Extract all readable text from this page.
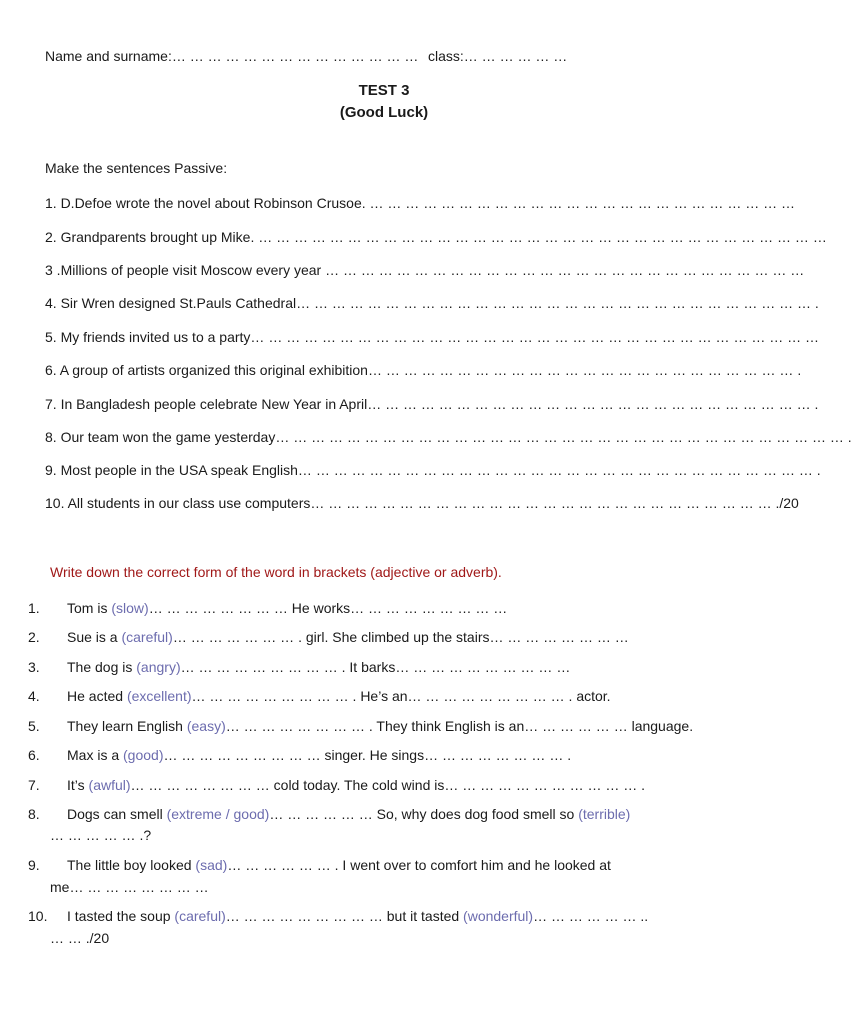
Name and surname:… … … … … … … … … … … … … … class:… … … … … …
TEST 3
(Good Luck)
Make the sentences Passive:
1. D.Defoe wrote the novel about Robinson Crusoe. … … … … … … … … … … … … … … … … … … … … … … … …
2. Grandparents brought up Mike. … … … … … … … … … … … … … … … … … … … … … … … … … … … … … … … …
3 .Millions of people visit Moscow every year … … … … … … … … … … … … … … … … … … … … … … … … … … …
4. Sir Wren designed St.Pauls Cathedral… … … … … … … … … … … … … … … … … … … … … … … … … … … … … .
5. My friends invited us to a party… … … … … … … … … … … … … … … … … … … … … … … … … … … … … … … …
6. A group of artists organized this original exhibition… … … … … … … … … … … … … … … … … … … … … … … … .
7. In Bangladesh people celebrate New Year in April… … … … … … … … … … … … … … … … … … … … … … … … … .
8. Our team won the game yesterday… … … … … … … … … … … … … … … … … … … … … … … … … … … … … … … … .
9. Most people in the USA speak English… … … … … … … … … … … … … … … … … … … … … … … … … … … … … .
10. All students in our class use computers… … … … … … … … … … … … … … … … … … … … … … … … … … ./20
Write down the correct form of the word in brackets (adjective or adverb).
1. Tom is (slow)… … … … … … … … He works… … … … … … … … …
2. Sue is a (careful)… … … … … … … . girl. She climbed up the stairs… … … … … … … …
3. The dog is (angry)… … … … … … … … … . It barks… … … … … … … … … …
4. He acted (excellent)… … … … … … … … … . He’s an… … … … … … … … … . actor.
5. They learn English (easy)… … … … … … … … . They think English is an… … … … … … language.
6. Max is a (good)… … … … … … … … … singer. He sings… … … … … … … … .
7. It’s (awful)… … … … … … … … cold today. The cold wind is… … … … … … … … … … … .
8. Dogs can smell (extreme / good)… … … … … … So, why does dog food smell so (terrible)
… … … … … .?
9. The little boy looked (sad)… … … … … … . I went over to comfort him and he looked at
me… … … … … … … …
10. I tasted the soup (careful)… … … … … … … … … but it tasted (wonderful)… … … … … … ..
… … ./20
